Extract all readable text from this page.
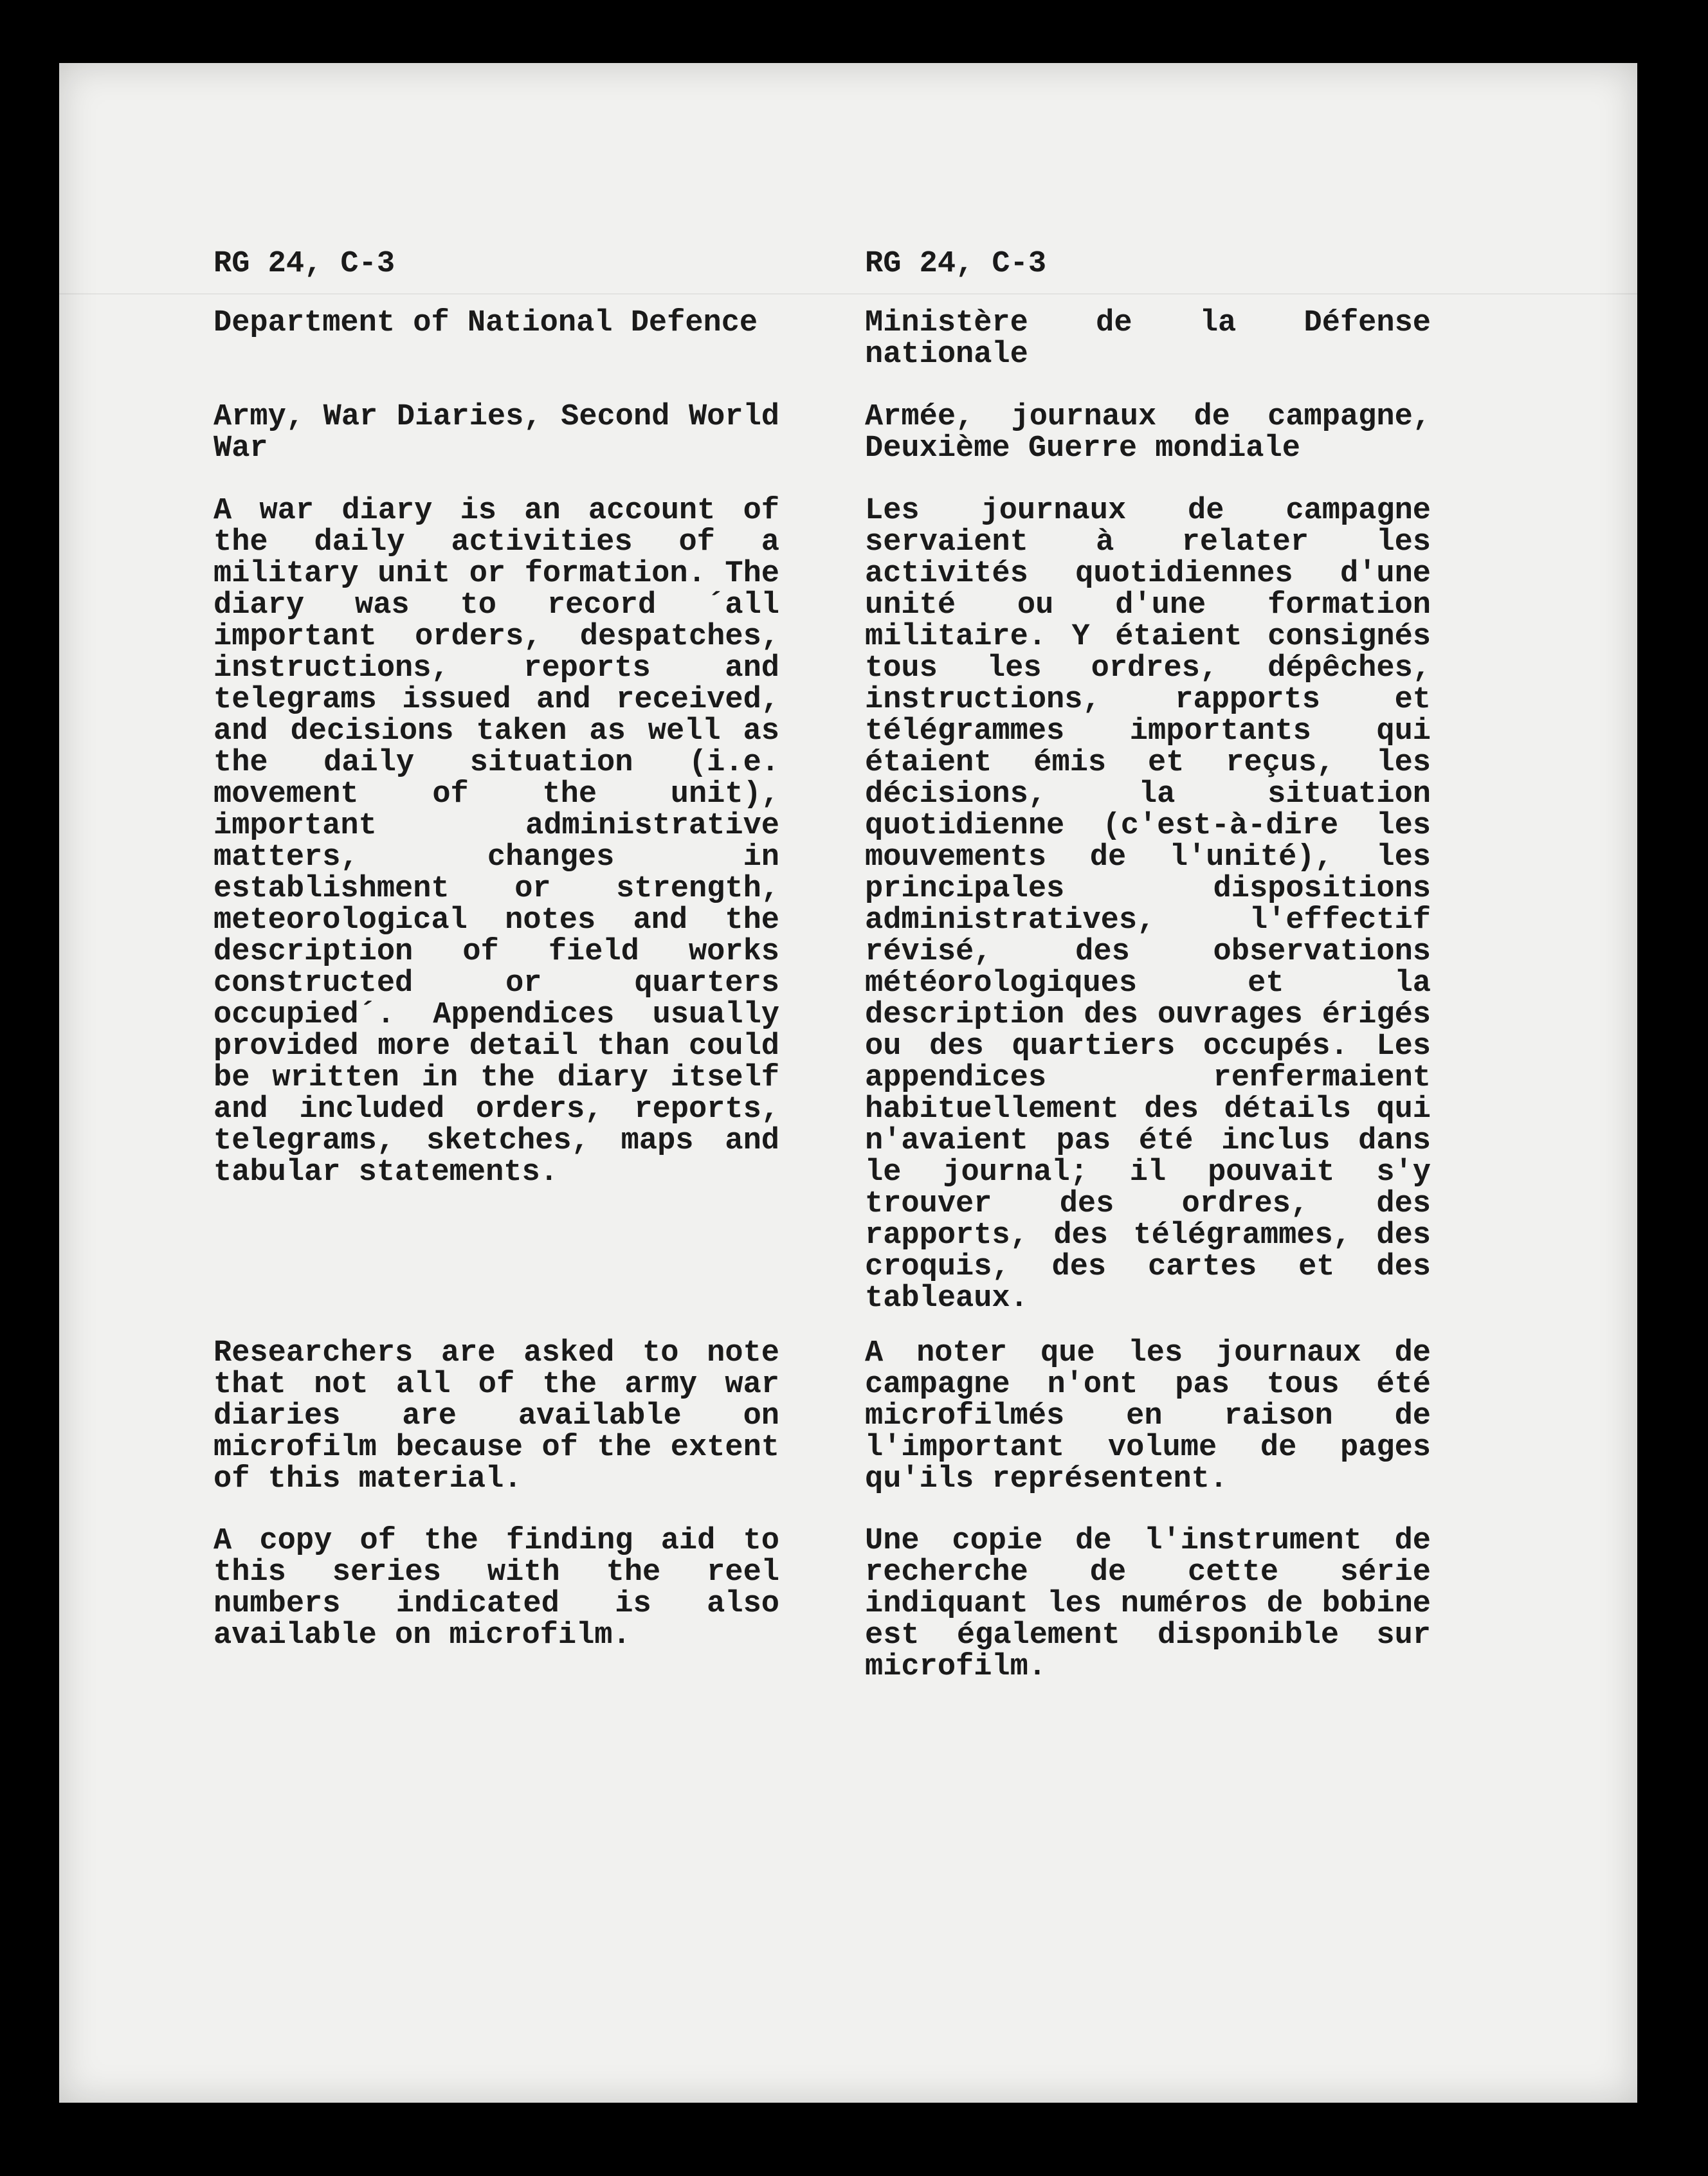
RG 24, C-3
Department of National Defence
Army, War Diaries, Second World War
A war diary is an account of the daily activities of a military unit or formation. The diary was to record ´all important orders, despatches, instructions, reports and telegrams issued and received, and decisions taken as well as the daily situation (i.e. movement of the unit), important administrative matters, changes in establishment or strength, meteorological notes and the description of field works constructed or quarters occupied´. Appendices usually provided more detail than could be written in the diary itself and included orders, reports, telegrams, sketches, maps and tabular statements.
Researchers are asked to note that not all of the army war diaries are available on microfilm because of the extent of this material.
A copy of the finding aid to this series with the reel numbers indicated is also available on microfilm.
RG 24, C-3
Ministère de la Défense nationale
Armée, journaux de campagne, Deuxième Guerre mondiale
Les journaux de campagne servaient à relater les activités quotidiennes d'une unité ou d'une formation militaire. Y étaient consignés tous les ordres, dépêches, instructions, rapports et télégrammes importants qui étaient émis et reçus, les décisions, la situation quotidienne (c'est-à-dire les mouvements de l'unité), les principales dispositions administratives, l'effectif révisé, des observations météorologiques et la description des ouvrages érigés ou des quartiers occupés. Les appendices renfermaient habituellement des détails qui n'avaient pas été inclus dans le journal; il pouvait s'y trouver des ordres, des rapports, des télégrammes, des croquis, des cartes et des tableaux.
A noter que les journaux de campagne n'ont pas tous été microfilmés en raison de l'important volume de pages qu'ils représentent.
Une copie de l'instrument de recherche de cette série indiquant les numéros de bobine est également disponible sur microfilm.
